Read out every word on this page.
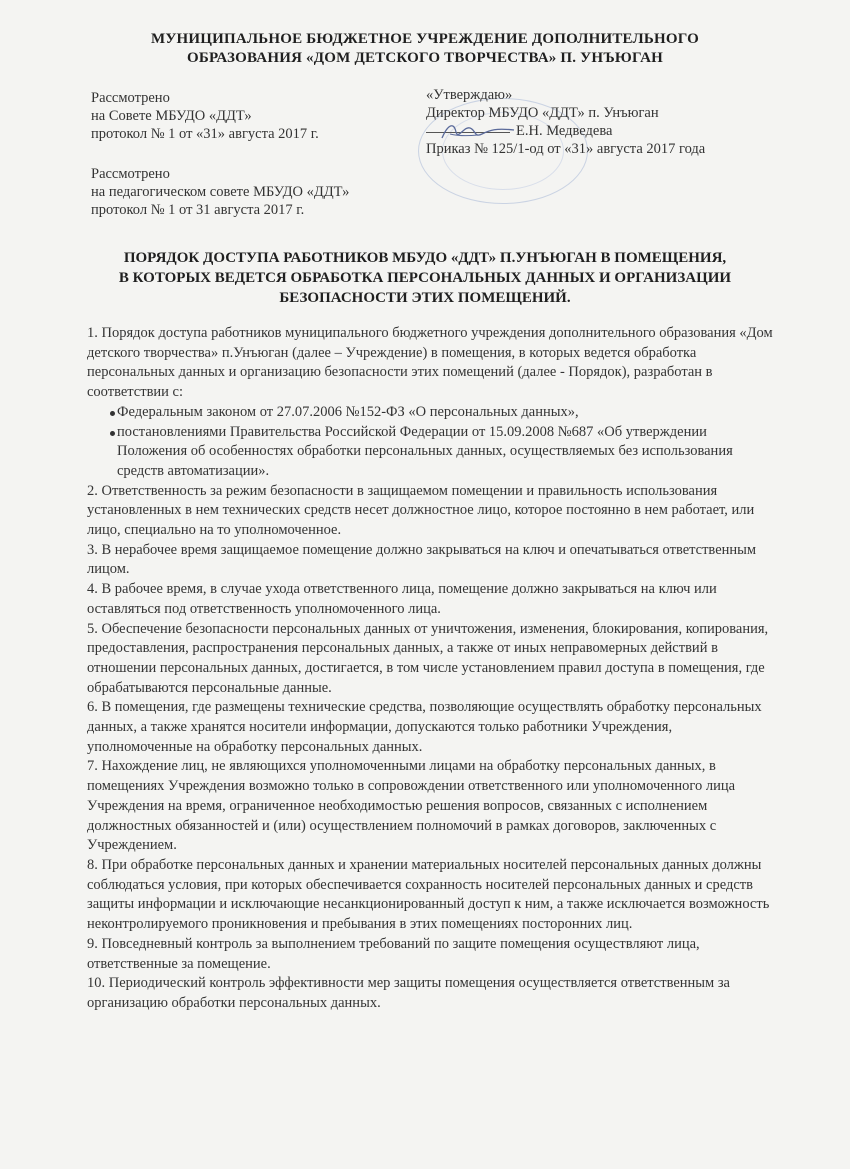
МУНИЦИПАЛЬНОЕ БЮДЖЕТНОЕ УЧРЕЖДЕНИЕ ДОПОЛНИТЕЛЬНОГО
ОБРАЗОВАНИЯ «ДОМ ДЕТСКОГО ТВОРЧЕСТВА» П. УНЪЮГАН
Рассмотрено
на Совете МБУДО «ДДТ»
протокол № 1 от «31» августа 2017 г.
Рассмотрено
на педагогическом совете МБУДО «ДДТ»
протокол № 1 от 31 августа 2017 г.
«Утверждаю»
Директор МБУДО «ДДТ» п. Унъюган
Е.Н. Медведева
Приказ № 125/1-од от «31» августа 2017 года
ПОРЯДОК ДОСТУПА РАБОТНИКОВ МБУДО «ДДТ» П.УНЪЮГАН В ПОМЕЩЕНИЯ,
В КОТОРЫХ ВЕДЕТСЯ ОБРАБОТКА ПЕРСОНАЛЬНЫХ ДАННЫХ И ОРГАНИЗАЦИИ
БЕЗОПАСНОСТИ ЭТИХ ПОМЕЩЕНИЙ.

1. Порядок доступа работников муниципального бюджетного учреждения дополнительного образования «Дом детского творчества» п.Унъюган (далее – Учреждение) в помещения, в которых ведется обработка персональных данных и организацию безопасности этих помещений (далее - Порядок), разработан в соответствии с:

Федеральным законом от 27.07.2006 №152-ФЗ «О персональных данных»,
постановлениями Правительства Российской Федерации от 15.09.2008 №687 «Об утверждении Положения об особенностях обработки персональных данных, осуществляемых без использования средств автоматизации».

2. Ответственность за режим безопасности в защищаемом помещении и правильность использования установленных в нем технических средств несет должностное лицо, которое постоянно в нем работает, или лицо, специально на то уполномоченное.

3. В нерабочее время защищаемое помещение должно закрываться на ключ и опечатываться ответственным лицом.

4. В рабочее время, в случае ухода ответственного лица, помещение должно закрываться на ключ или оставляться под ответственность уполномоченного лица.

5. Обеспечение безопасности персональных данных от уничтожения, изменения, блокирования, копирования, предоставления, распространения персональных данных, а также от иных неправомерных действий в отношении персональных данных, достигается, в том числе установлением правил доступа в помещения, где обрабатываются персональные данные.

6. В помещения, где размещены технические средства, позволяющие осуществлять обработку персональных данных, а также хранятся носители информации, допускаются только работники Учреждения, уполномоченные на обработку персональных данных.

7. Нахождение лиц, не являющихся уполномоченными лицами на обработку персональных данных, в помещениях Учреждения возможно только в сопровождении ответственного или уполномоченного лица Учреждения на время, ограниченное необходимостью решения вопросов, связанных с исполнением должностных обязанностей и (или) осуществлением полномочий в рамках договоров, заключенных с Учреждением.

8. При обработке персональных данных и хранении материальных носителей персональных данных должны соблюдаться условия, при которых обеспечивается сохранность носителей персональных данных и средств защиты информации и исключающие несанкционированный доступ к ним, а также исключается возможность неконтролируемого проникновения и пребывания в этих помещениях посторонних лиц.

9. Повседневный контроль за выполнением требований по защите помещения осуществляют лица, ответственные за помещение.

10. Периодический контроль эффективности мер защиты помещения осуществляется ответственным за организацию обработки персональных данных.
